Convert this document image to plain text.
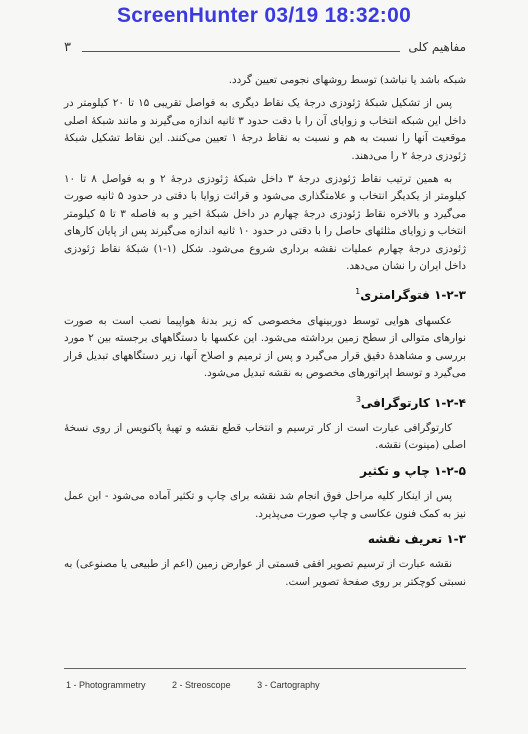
ScreenHunter 03/19 18:32:00
۳	مفاهیم کلی

شبکه باشد یا نباشد) توسط روشهای نجومی تعیین گردد.

پس از تشکیل شبکهٔ ژئودزی درجهٔ یک نقاط دیگری به فواصل تقریبی ۱۵ تا ۲۰ کیلومتر در داخل این شبکه انتخاب و زوایای آن را با دقت حدود ۳ ثانیه اندازه می‌گیرند و مانند شبکهٔ اصلی موقعیت آنها را نسبت به هم و نسبت به نقاط درجهٔ ۱ تعیین می‌کنند. این نقاط تشکیل شبکهٔ ژئودزی درجهٔ ۲ را می‌دهند.

به همین ترتیب نقاط ژئودزی درجهٔ ۳ داخل شبکهٔ ژئودزی درجهٔ ۲ و به فواصل ۸ تا ۱۰ کیلومتر از یکدیگر انتخاب و علامتگذاری می‌شود و قرائت زوایا با دقتی در حدود ۵ ثانیه صورت می‌گیرد و بالاخره نقاط ژئودزی درجهٔ چهارم در داخل شبکهٔ اخیر و به فاصله ۳ تا ۵ کیلومتر انتخاب و زوایای مثلثهای حاصل را با دقتی در حدود ۱۰ ثانیه اندازه می‌گیرند پس از پایان کارهای ژئودزی درجهٔ چهارم عملیات نقشه برداری شروع می‌شود. شکل (۱-۱) شبکهٔ نقاط ژئودزی داخل ایران را نشان می‌دهد.

۱-۲-۳ فتوگرامتری$^1$

عکسهای هوایی توسط دوربینهای مخصوصی که زیر بدنهٔ هواپیما نصب است به صورت نوارهای متوالی از سطح زمین برداشته می‌شود. این عکسها با دستگاههای برجسته بین ۲ مورد بررسی و مشاهدهٔ دقیق قرار می‌گیرد و پس از ترمیم و اصلاح آنها، زیر دستگاههای تبدیل قرار می‌گیرد و توسط اپراتورهای مخصوص به نقشه تبدیل می‌شود.

۱-۲-۴ کارتوگرافی$^3$

کارتوگرافی عبارت است از کار ترسیم و انتخاب قطع نقشه و تهیهٔ پاکنویس از روی نسخهٔ اصلی (مینوت) نقشه.

۱-۲-۵ چاپ و تکثیر

پس از اینکار کلیه مراحل فوق انجام شد نقشه برای چاپ و تکثیر آماده می‌شود - این عمل نیز به کمک فنون عکاسی و چاپ صورت می‌پذیرد.

۱-۳ تعریف نقشه

نقشه عبارت از ترسیم تصویر افقی قسمتی از عوارض زمین (اعم از طبیعی یا مصنوعی) به نسبتی کوچکتر بر روی صفحهٔ تصویر است.

1 - Photogrammetry	2 - Streoscope	3 - Cartography
